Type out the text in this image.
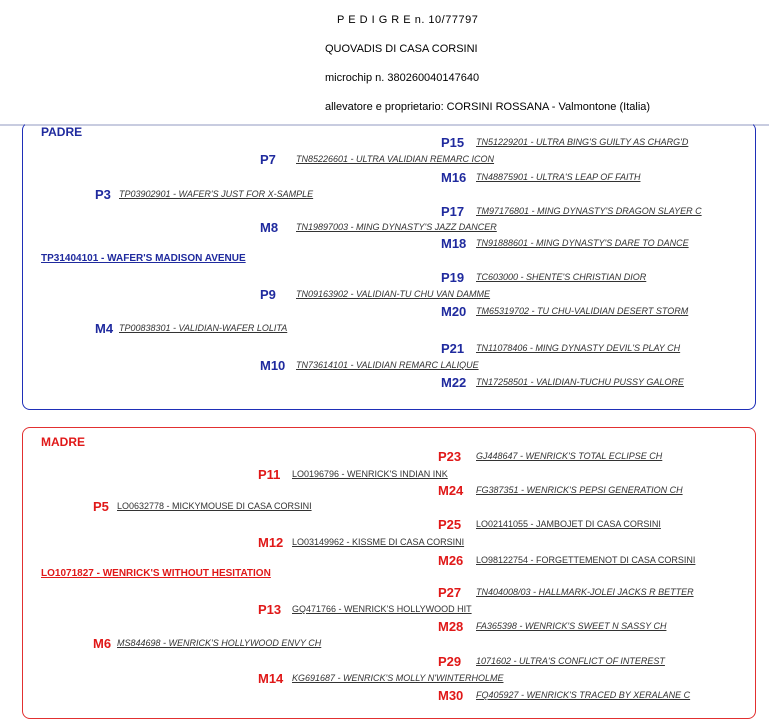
P E D I G R E n. 10/77797
QUOVADIS DI CASA CORSINI
microchip n. 380260040147640
allevatore e proprietario: CORSINI ROSSANA - Valmontone (Italia)
PADRE
TP31404101 - WAFER'S MADISON AVENUE
P15 TN51229201 - ULTRA BING'S GUILTY AS CHARG'D
P7 TN85226601 - ULTRA VALIDIAN REMARC ICON
M16 TN48875901 - ULTRA'S LEAP OF FAITH
P3 TP03902901 - WAFER'S JUST FOR X-SAMPLE
P17 TM97176801 - MING DYNASTY'S DRAGON SLAYER C
M8 TN19897003 - MING DYNASTY'S JAZZ DANCER
M18 TN91888601 - MING DYNASTY'S DARE TO DANCE
P19 TC603000 - SHENTE'S CHRISTIAN DIOR
P9 TN09163902 - VALIDIAN-TU CHU VAN DAMME
M20 TM65319702 - TU CHU-VALIDIAN DESERT STORM
M4 TP00838301 - VALIDIAN-WAFER LOLITA
P21 TN11078406 - MING DYNASTY DEVIL'S PLAY CH
M10 TN73614101 - VALIDIAN REMARC LALIQUE
M22 TN17258501 - VALIDIAN-TUCHU PUSSY GALORE
MADRE
LO1071827 - WENRICK'S WITHOUT HESITATION
P23 GJ448647 - WENRICK'S TOTAL ECLIPSE CH
P11 LO0196796 - WENRICK'S INDIAN INK
M24 FG387351 - WENRICK'S PEPSI GENERATION CH
P5 LO0632778 - MICKYMOUSE DI CASA CORSINI
P25 LO02141055 - JAMBOJET DI CASA CORSINI
M12 LO03149962 - KISSME DI CASA CORSINI
M26 LO98122754 - FORGETTEMENOT DI CASA CORSINI
P27 TN404008/03 - HALLMARK-JOLEI JACKS R BETTER
P13 GQ471766 - WENRICK'S HOLLYWOOD HIT
M28 FA365398 - WENRICK'S SWEET N SASSY CH
M6 MS844698 - WENRICK'S HOLLYWOOD ENVY CH
P29 1071602 - ULTRA'S CONFLICT OF INTEREST
M14 KG691687 - WENRICK'S MOLLY N'WINTERHOLME
M30 FQ405927 - WENRICK'S TRACED BY XERALANE C
